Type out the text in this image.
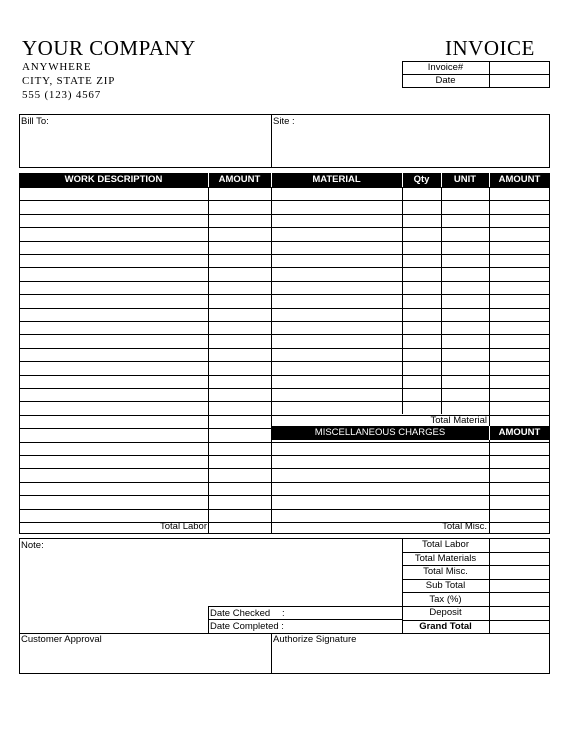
YOUR COMPANY
ANYWHERE
CITY, STATE ZIP
555 (123) 4567
INVOICE
Invoice#
Date
Bill To:	Site :
WORK DESCRIPTION	AMOUNT	MATERIAL	Qty	UNIT	AMOUNT
Total Material
MISCELLANEOUS CHARGES	AMOUNT
Total Labor	Total Misc.
Note:
Date Checked :
Date Completed :
Total Labor
Total Materials
Total Misc.
Sub Total
Tax (%)
Deposit
Grand Total
Customer Approval	Authorize Signature
